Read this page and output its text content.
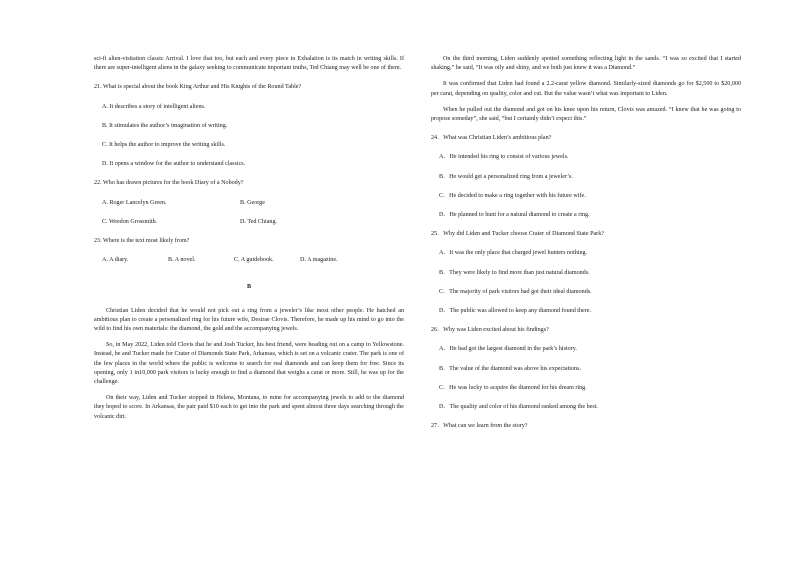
sci-fi alien-visitation classic Arrival. I love that too, but each and every piece in Exhalation is its match in writing skills. If there are super-intelligent aliens in the galaxy seeking to communicate important truths, Ted Chiang may well be one of them.

21. What is special about the book King Arthur and His Knights of the Round Table?

A. It describes a story of intelligent aliens.

B. It stimulates the author’s imagination of writing.

C. It helps the author to improve the writing skills.

D. It opens a window for the author to understand classics.

22. Who has drawn pictures for the book Diary of a Nobody?

A. Roger Lancelyn Green.	B. George
C. Weedon Grossmith.	D. Ted Chiang.

23. Where is the text most likely from?

A. A diary.	B. A novel.	C. A guidebook.	D. A magazine.
B

Christian Liden decided that he would not pick out a ring from a jeweler’s like most other people. He hatched an ambitious plan to create a personalized ring for his future wife, Desirae Clovis. Therefore, he made up his mind to go into the wild to find his own materials: the diamond, the gold and the accompanying jewels.

So, in May 2022, Liden told Clovis that he and Josh Tucker, his best friend, were heading out on a camp to Yellowstone. Instead, he and Tucker made for Crater of Diamonds State Park, Arkansas, which is set on a volcanic crater. The park is one of the few places in the world where the public is welcome to search for real diamonds and can keep them for free. Since its opening, only 1 in10,000 park visitors is lucky enough to find a diamond that weighs a carat or more. Still, he was up for the challenge.

On their way, Liden and Tucker stopped in Helena, Montana, to mine for accompanying jewels to add to the diamond they hoped to score. In Arkansas, the pair paid $10 each to get into the park and spent almost three days searching through the volcanic dirt.

On the third morning, Liden suddenly spotted something reflecting light in the sands. “I was so excited that I started shaking,” he said, “It was oily and shiny, and we both just knew it was a Diamond.”

It was confirmed that Liden had found a 2.2-carat yellow diamond. Similarly-sized diamonds go for $2,500 to $20,000 per carat, depending on quality, color and cut. But the value wasn’t what was important to Liden.

When he pulled out the diamond and got on his knee upon his return, Clovis was amazed. “I knew that he was going to propose someday”, she said, “but I certainly didn’t expect this.”

24．What was Christian Liden’s ambitious plan?

A．He intended his ring to consist of various jewels.

B．He would get a personalized ring from a jeweler’s.

C．He decided to make a ring together with his future wife.

D．He planned to hunt for a natural diamond to create a ring.

25．Why did Liden and Tucker choose Crater of Diamond State Park?

A．It was the only place that charged jewel hunters nothing.

B．They were likely to find more than just natural diamonds.

C．The majority of park visitors had got their ideal diamonds.

D．The public was allowed to keep any diamond found there.

26．Why was Liden excited about his findings?

A．He had got the largest diamond in the park’s history.

B．The value of the diamond was above his expectations.

C．He was lucky to acquire the diamond for his dream ring.

D．The quality and color of his diamond ranked among the best.

27．What can we learn from the story?
